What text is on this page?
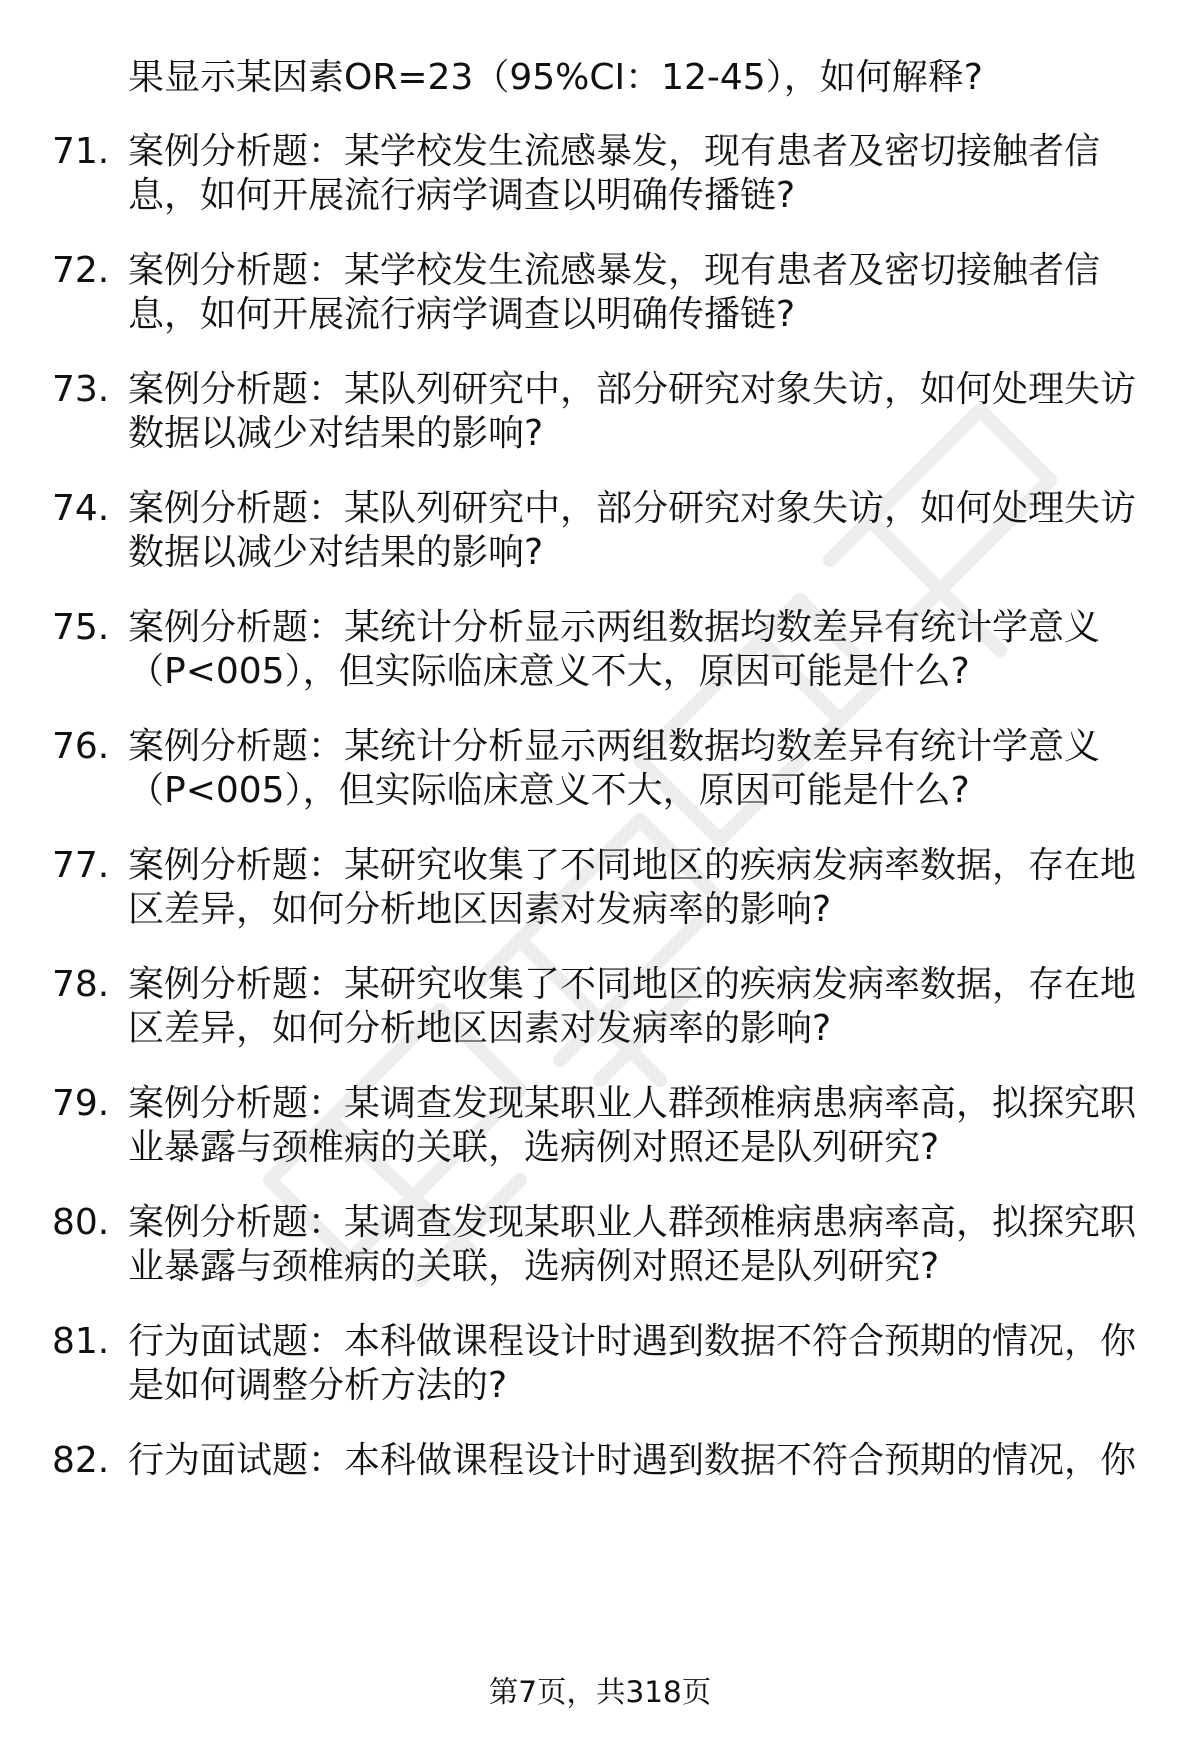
果显示某因素OR=23（95%CI：12-45），如何解释?
71. 案例分析题：某学校发生流感暴发，现有患者及密切接触者信
息，如何开展流行病学调查以明确传播链?
72. 案例分析题：某学校发生流感暴发，现有患者及密切接触者信
息，如何开展流行病学调查以明确传播链?
73. 案例分析题：某队列研究中，部分研究对象失访，如何处理失访
数据以减少对结果的影响?
74. 案例分析题：某队列研究中，部分研究对象失访，如何处理失访
数据以减少对结果的影响?
75. 案例分析题：某统计分析显示两组数据均数差异有统计学意义
（P<005），但实际临床意义不大，原因可能是什么?
76. 案例分析题：某统计分析显示两组数据均数差异有统计学意义
（P<005），但实际临床意义不大，原因可能是什么?
77. 案例分析题：某研究收集了不同地区的疾病发病率数据，存在地
区差异，如何分析地区因素对发病率的影响?
78. 案例分析题：某研究收集了不同地区的疾病发病率数据，存在地
区差异，如何分析地区因素对发病率的影响?
79. 案例分析题：某调查发现某职业人群颈椎病患病率高，拟探究职
业暴露与颈椎病的关联，选病例对照还是队列研究?
80. 案例分析题：某调查发现某职业人群颈椎病患病率高，拟探究职
业暴露与颈椎病的关联，选病例对照还是队列研究?
81. 行为面试题：本科做课程设计时遇到数据不符合预期的情况，你
是如何调整分析方法的?
82. 行为面试题：本科做课程设计时遇到数据不符合预期的情况，你
第7页，共318页
